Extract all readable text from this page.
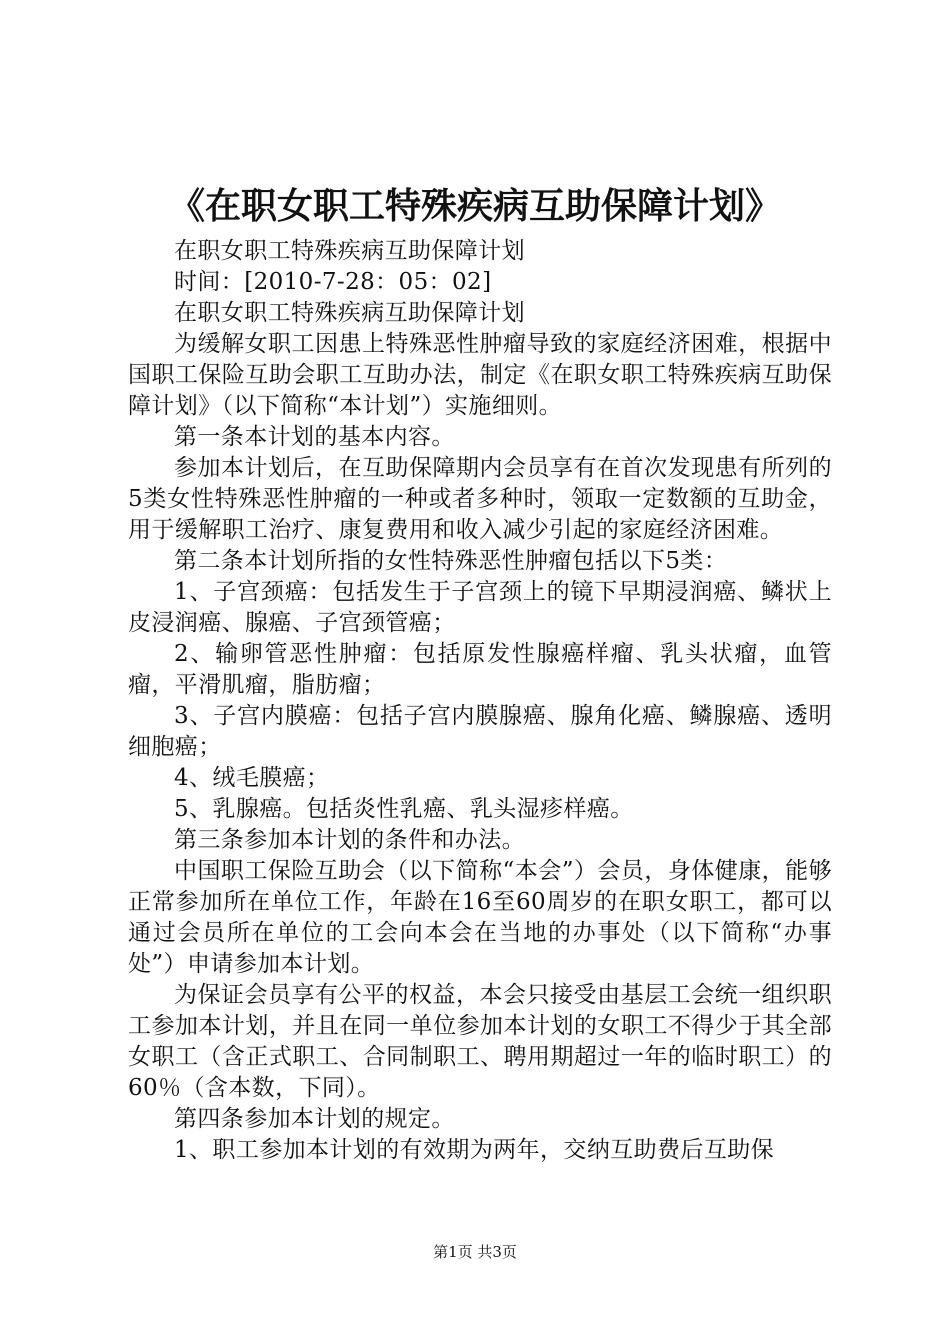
《在职女职工特殊疾病互助保障计划》

在职女职工特殊疾病互助保障计划

时间：[2010-7-28：05：02]

在职女职工特殊疾病互助保障计划

为缓解女职工因患上特殊恶性肿瘤导致的家庭经济困难，根据中国职工保险互助会职工互助办法，制定《在职女职工特殊疾病互助保障计划》（以下简称“本计划”）实施细则。

第一条本计划的基本内容。

参加本计划后，在互助保障期内会员享有在首次发现患有所列的5类女性特殊恶性肿瘤的一种或者多种时，领取一定数额的互助金，用于缓解职工治疗、康复费用和收入减少引起的家庭经济困难。

第二条本计划所指的女性特殊恶性肿瘤包括以下5类：

1、子宫颈癌：包括发生于子宫颈上的镜下早期浸润癌、鳞状上皮浸润癌、腺癌、子宫颈管癌；

2、输卵管恶性肿瘤：包括原发性腺癌样瘤、乳头状瘤，血管瘤，平滑肌瘤，脂肪瘤；

3、子宫内膜癌：包括子宫内膜腺癌、腺角化癌、鳞腺癌、透明细胞癌；

4、绒毛膜癌；

5、乳腺癌。包括炎性乳癌、乳头湿疹样癌。

第三条参加本计划的条件和办法。

中国职工保险互助会（以下简称“本会”）会员，身体健康，能够正常参加所在单位工作，年龄在16至60周岁的在职女职工，都可以通过会员所在单位的工会向本会在当地的办事处（以下简称“办事处”）申请参加本计划。

为保证会员享有公平的权益，本会只接受由基层工会统一组织职工参加本计划，并且在同一单位参加本计划的女职工不得少于其全部女职工（含正式职工、合同制职工、聘用期超过一年的临时职工）的60％（含本数，下同）。

第四条参加本计划的规定。

1、职工参加本计划的有效期为两年，交纳互助费后互助保

第1页 共3页
